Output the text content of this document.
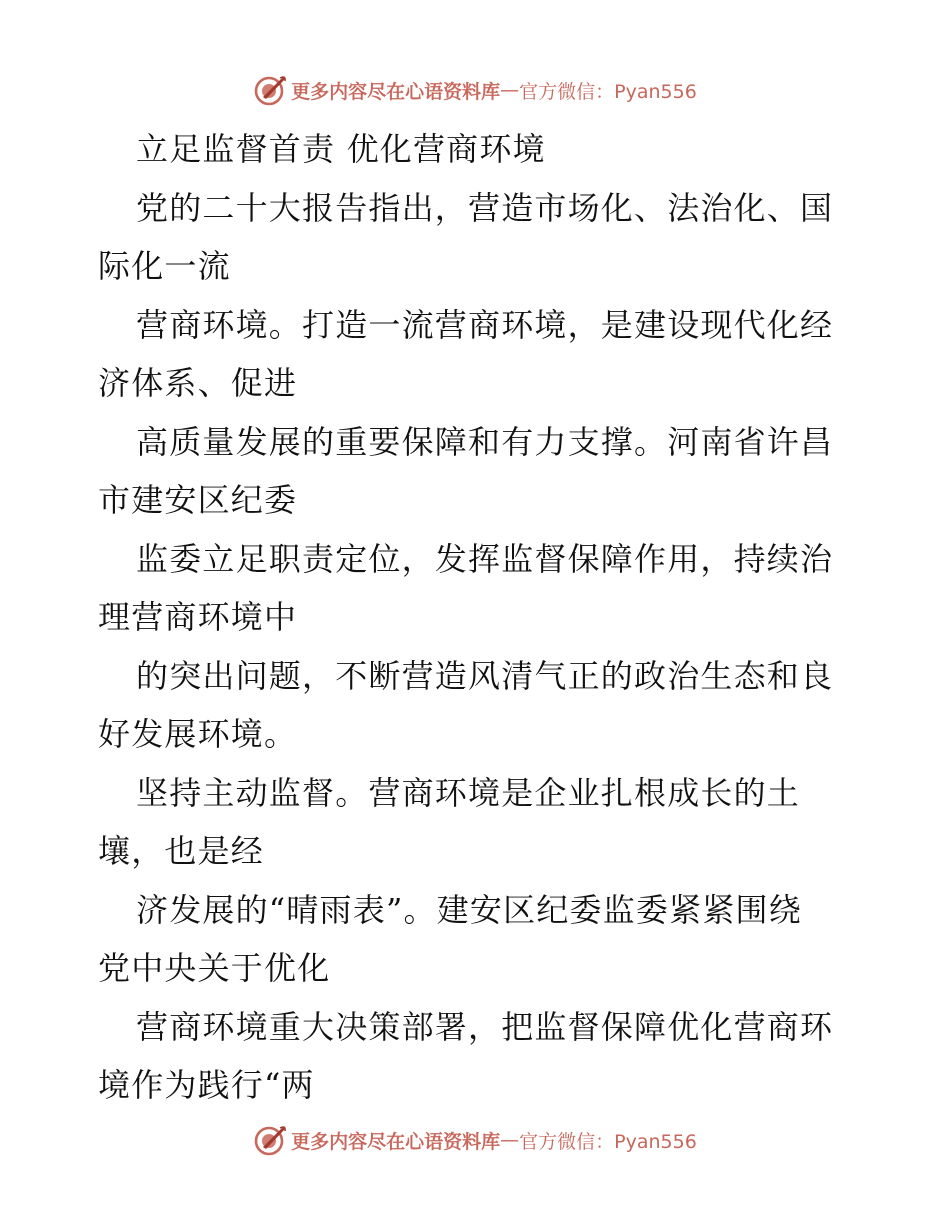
更多内容尽在心语资料库 — 官方微信：Pyan556
立足监督首责 优化营商环境
党的二十大报告指出，营造市场化、法治化、国
际化一流
营商环境。打造一流营商环境，是建设现代化经
济体系、促进
高质量发展的重要保障和有力支撑。河南省许昌
市建安区纪委
监委立足职责定位，发挥监督保障作用，持续治
理营商环境中
的突出问题，不断营造风清气正的政治生态和良
好发展环境。
坚持主动监督。营商环境是企业扎根成长的土
壤，也是经
济发展的“晴雨表”。建安区纪委监委紧紧围绕
党中央关于优化
营商环境重大决策部署，把监督保障优化营商环
境作为践行“两
更多内容尽在心语资料库 — 官方微信：Pyan556
